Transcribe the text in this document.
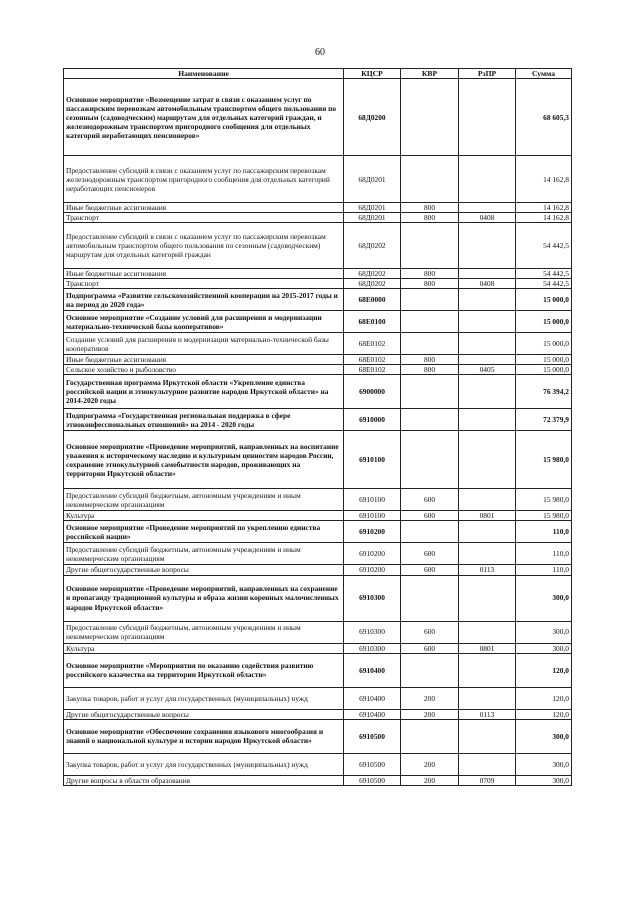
60
Наименование	КЦСР	КВР	РзПР	Сумма
Основное мероприятие «Возмещение затрат в связи с оказанием услуг по пассажирским перевозкам автомобильным транспортом общего пользования по сезонным (садоводческим) маршрутам для отдельных категорий граждан, и железнодорожным транспортом пригородного сообщения для отдельных категорий неработающих пенсионеров»	68Д0200			68 605,3
Предоставление субсидий в связи с оказанием услуг по пассажирским перевозкам железнодорожным транспортом пригородного сообщения для отдельных категорий неработающих пенсионеров	68Д0201			14 162,8
Иные бюджетные ассигнования	68Д0201	800		14 162,8
Транспорт	68Д0201	800	0408	14 162,8
Предоставление субсидий в связи с оказанием услуг по пассажирским перевозкам автомобильным транспортом общего пользования по сезонным (садоводческим) маршрутам для отдельных категорий граждан	68Д0202			54 442,5
Иные бюджетные ассигнования	68Д0202	800		54 442,5
Транспорт	68Д0202	800	0408	54 442,5
Подпрограмма «Развитие сельскохозяйственной кооперации на 2015-2017 годы и на период до 2020 года»	68Е0000			15 000,0
Основное мероприятие «Создание условий для расширения и модернизации материально-технической базы кооперативов»	68Е0100			15 000,0
Создание условий для расширения и модернизации материально-технической базы кооперативов	68Е0102			15 000,0
Иные бюджетные ассигнования	68Е0102	800		15 000,0
Сельское хозяйство и рыболовство	68Е0102	800	0405	15 000,0
Государственная программа Иркутской области «Укрепление единства российской нации и этнокультурное развитие народов Иркутской области» на 2014-2020 годы	6900000			76 394,2
Подпрограмма «Государственная региональная поддержка в сфере этноконфессиональных отношений» на 2014 - 2020 годы	6910000			72 379,9
Основное мероприятие «Проведение мероприятий, направленных на воспитание уважения к историческому наследию и культурным ценностям народов России, сохранение этнокультурной самобытности народов, проживающих на территории Иркутской области»	6910100			15 980,0
Предоставление субсидий бюджетным, автономным учреждениям и иным некоммерческим организациям	6910100	600		15 980,0
Культура	6910100	600	0801	15 980,0
Основное мероприятие «Проведение мероприятий по укреплению единства российской нации»	6910200			110,0
Предоставление субсидий бюджетным, автономным учреждениям и иным некоммерческим организациям	6910200	600		110,0
Другие общегосударственные вопросы	6910200	600	0113	110,0
Основное мероприятие «Проведение мероприятий, направленных на сохранение и пропаганду традиционной культуры и образа жизни коренных малочисленных народов Иркутской области»	6910300			300,0
Предоставление субсидий бюджетным, автономным учреждениям и иным некоммерческим организациям	6910300	600		300,0
Культура	6910300	600	0801	300,0
Основное мероприятие «Мероприятия по оказанию содействия развитию российского казачества на территории Иркутской области»	6910400			120,0
Закупка товаров, работ и услуг для государственных (муниципальных) нужд	6910400	200		120,0
Другие общегосударственные вопросы	6910400	200	0113	120,0
Основное мероприятие «Обеспечение сохранения языкового многообразия и знаний о национальной культуре и истории народов Иркутской области»	6910500			300,0
Закупка товаров, работ и услуг для государственных (муниципальных) нужд	6910500	200		300,0
Другие вопросы в области образования	6910500	200	0709	300,0
